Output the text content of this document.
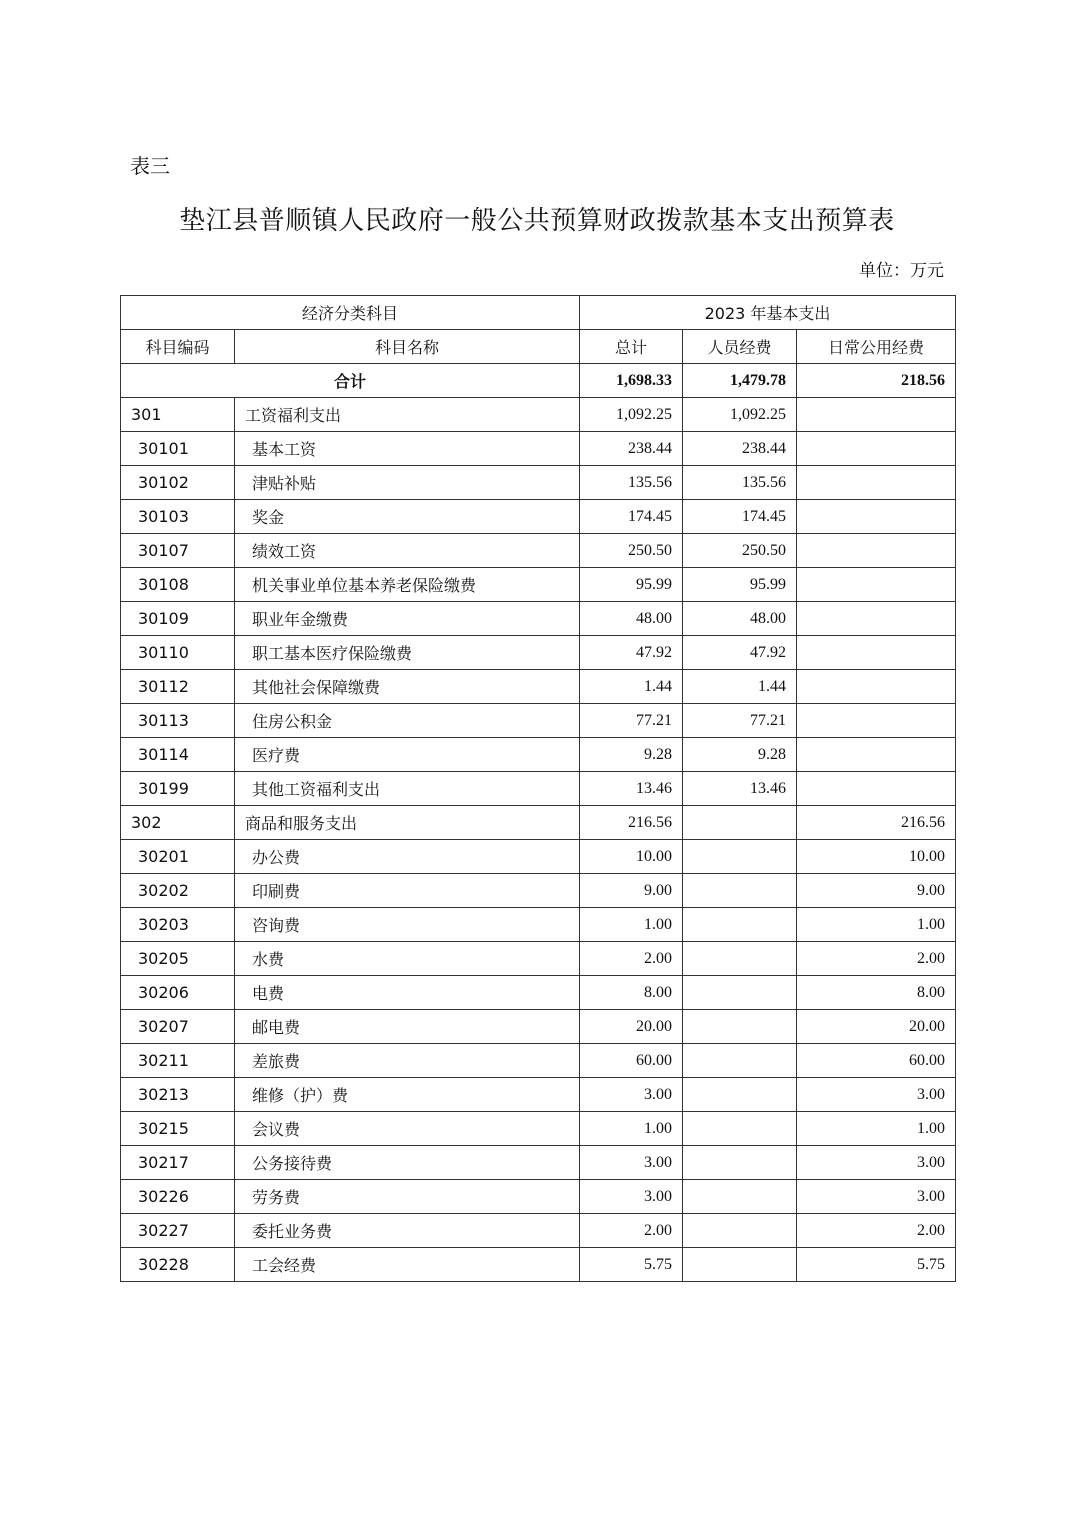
表三
垫江县普顺镇人民政府一般公共预算财政拨款基本支出预算表
单位：万元
经济分类科目		2023 年基本支出		
科目编码	科目名称	总计	人员经费	日常公用经费
合计		1,698.33	1,479.78	218.56
301	工资福利支出	1,092.25	1,092.25	
30101	基本工资	238.44	238.44	
30102	津贴补贴	135.56	135.56	
30103	奖金	174.45	174.45	
30107	绩效工资	250.50	250.50	
30108	机关事业单位基本养老保险缴费	95.99	95.99	
30109	职业年金缴费	48.00	48.00	
30110	职工基本医疗保险缴费	47.92	47.92	
30112	其他社会保障缴费	1.44	1.44	
30113	住房公积金	77.21	77.21	
30114	医疗费	9.28	9.28	
30199	其他工资福利支出	13.46	13.46	
302	商品和服务支出	216.56		216.56
30201	办公费	10.00		10.00
30202	印刷费	9.00		9.00
30203	咨询费	1.00		1.00
30205	水费	2.00		2.00
30206	电费	8.00		8.00
30207	邮电费	20.00		20.00
30211	差旅费	60.00		60.00
30213	维修（护）费	3.00		3.00
30215	会议费	1.00		1.00
30217	公务接待费	3.00		3.00
30226	劳务费	3.00		3.00
30227	委托业务费	2.00		2.00
30228	工会经费	5.75		5.75
